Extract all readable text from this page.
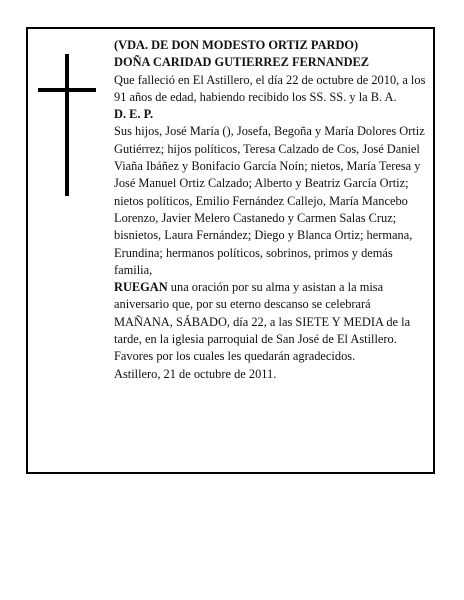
(VDA. DE DON MODESTO ORTIZ PARDO)

DOÑA CARIDAD GUTIERREZ FERNANDEZ

Que falleció en El Astillero, el día 22 de octubre de 2010, a los 91 años de edad, habiendo recibido los SS. SS. y la B. A.

D. E. P.

Sus hijos, José María (), Josefa, Begoña y María Dolores Ortiz Gutiérrez; hijos políticos, Teresa Calzado de Cos, José Daniel Viaña Ibáñez y Bonifacio García Noín; nietos, María Teresa y José Manuel Ortiz Calzado; Alberto y Beatriz García Ortiz; nietos políticos, Emilio Fernández Callejo, María Mancebo Lorenzo, Javier Melero Castanedo y Carmen Salas Cruz; bisnietos, Laura Fernández; Diego y Blanca Ortiz; hermana, Erundina; hermanos políticos, sobrinos, primos y demás familia,

RUEGAN una oración por su alma y asistan a la misa aniversario que, por su eterno descanso se celebrará MAÑANA, SÁBADO, día 22, a las SIETE Y MEDIA de la tarde, en la iglesia parroquial de San José de El Astillero. Favores por los cuales les quedarán agradecidos.

Astillero, 21 de octubre de 2011.
